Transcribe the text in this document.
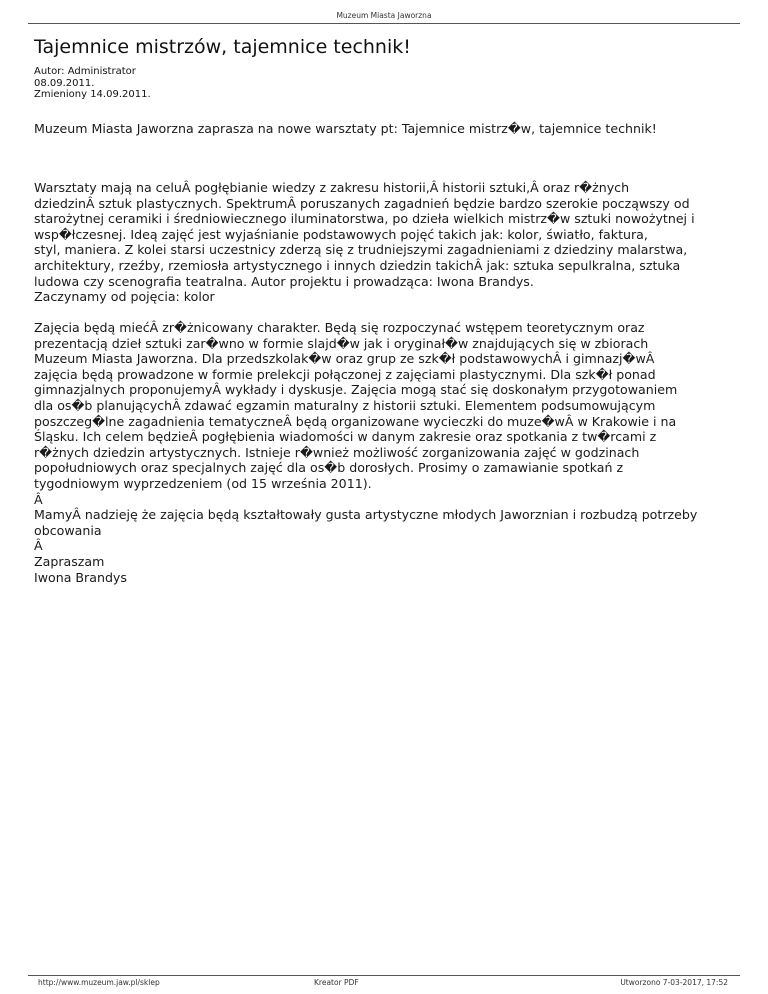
Muzeum Miasta Jaworzna
Tajemnice mistrzów, tajemnice technik!
Autor: Administrator
08.09.2011.
Zmieniony 14.09.2011.
Muzeum Miasta Jaworzna zaprasza na nowe warsztaty pt: Tajemnice mistrz�w, tajemnice technik!

Warsztaty mają na celuÂ pogłębianie wiedzy z zakresu historii,Â historii sztuki,Â oraz r�żnych

dziedzinÂ sztuk plastycznych. SpektrumÂ poruszanych zagadnień będzie bardzo szerokie począwszy od

starożytnej ceramiki i średniowiecznego iluminatorstwa, po dzieła wielkich mistrz�w sztuki nowożytnej i

wsp�łczesnej. Ideą zajęć jest wyjaśnianie podstawowych pojęć takich jak: kolor, światło, faktura,

styl, maniera. Z kolei starsi uczestnicy zderzą się z trudniejszymi zagadnieniami z dziedziny malarstwa,

architektury, rzeźby, rzemiosła artystycznego i innych dziedzin takichÂ jak: sztuka sepulkralna, sztuka

ludowa czy scenografia teatralna. Autor projektu i prowadząca: Iwona Brandys.

Zaczynamy od pojęcia: kolor

Zajęcia będą miećÂ zr�żnicowany charakter. Będą się rozpoczynać wstępem teoretycznym oraz

prezentacją dzieł sztuki zar�wno w formie slajd�w jak i oryginał�w znajdujących się w zbiorach

Muzeum Miasta Jaworzna. Dla przedszkolak�w oraz grup ze szk�ł podstawowychÂ i gimnazj�wÂ

zajęcia będą prowadzone w formie prelekcji połączonej z zajęciami plastycznymi. Dla szk�ł ponad

gimnazjalnych proponujemyÂ wykłady i dyskusje. Zajęcia mogą stać się doskonałym przygotowaniem

dla os�b planującychÂ zdawać egzamin maturalny z historii sztuki. Elementem podsumowującym

poszczeg�lne zagadnienia tematyczneÂ będą organizowane wycieczki do muze�wÂ w Krakowie i na

Śląsku. Ich celem będzieÂ pogłębienia wiadomości w danym zakresie oraz spotkania z tw�rcami z

r�żnych dziedzin artystycznych. Istnieje r�wnież możliwość zorganizowania zajęć w godzinach

popołudniowych oraz specjalnych zajęć dla os�b dorosłych. Prosimy o zamawianie spotkań z

tygodniowym wyprzedzeniem (od 15 września 2011).

Â

MamyÂ nadzieję że zajęcia będą kształtowały gusta artystyczne młodych Jaworznian i rozbudzą potrzeby

obcowania

Â

Zapraszam

Iwona Brandys

http://www.muzeum.jaw.pl/sklep	Kreator PDF	Utworzono 7-03-2017, 17:52
